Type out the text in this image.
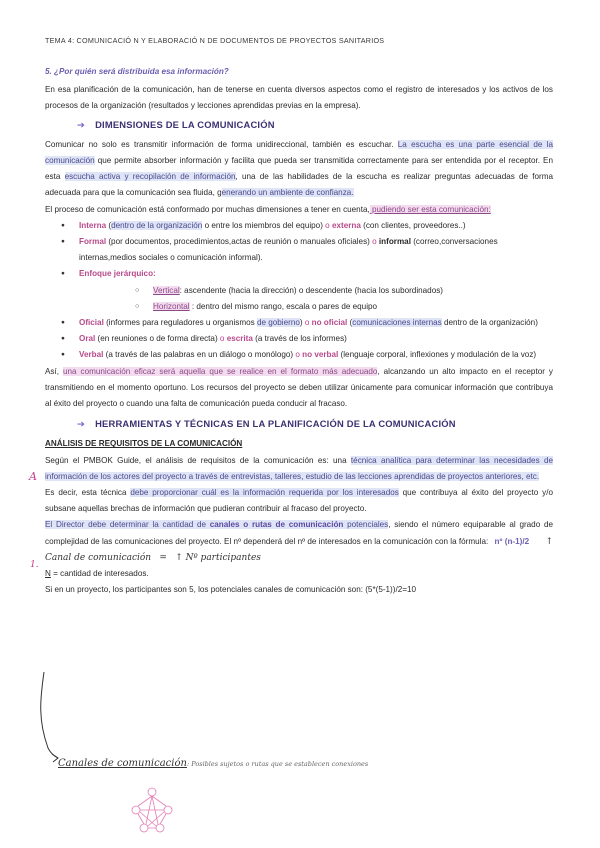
TEMA 4: COMUNICACIÓ N Y ELABORACIÓ N DE DOCUMENTOS DE PROYECTOS SANITARIOS

5. ¿Por quién será distribuida esa información?

En esa planificación de la comunicación, han de tenerse en cuenta diversos aspectos como el registro de interesados y los activos de los procesos de la organización (resultados y lecciones aprendidas previas en la empresa).

➔ DIMENSIONES DE LA COMUNICACIÓN

Comunicar no solo es transmitir información de forma unidireccional, también es escuchar. La escucha es una parte esencial de la comunicación que permite absorber información y facilita que pueda ser transmitida correctamente para ser entendida por el receptor. En esta escucha activa y recopilación de información, una de las habilidades de la escucha es realizar preguntas adecuadas de forma adecuada para que la comunicación sea fluida, generando un ambiente de confianza.

El proceso de comunicación está conformado por muchas dimensiones a tener en cuenta, pudiendo ser esta comunicación:

● Interna (dentro de la organización o entre los miembros del equipo) o externa (con clientes, proveedores..)
● Formal (por documentos, procedimientos,actas de reunión o manuales oficiales) o informal (correo,conversaciones internas,medios sociales o comunicación informal).
● Enfoque jerárquico:
○ Vertical: ascendente (hacia la dirección) o descendente (hacia los subordinados)
○ Horizontal : dentro del mismo rango, escala o pares de equipo
● Oficial (informes para reguladores u organismos de gobierno) o no oficial (comunicaciones internas dentro de la organización)
● Oral (en reuniones o de forma directa) o escrita (a través de los informes)
● Verbal (a través de las palabras en un diálogo o monólogo) o no verbal (lenguaje corporal, inflexiones y modulación de la voz)

Así, una comunicación eficaz será aquella que se realice en el formato más adecuado, alcanzando un alto impacto en el receptor y transmitiendo en el momento oportuno. Los recursos del proyecto se deben utilizar únicamente para comunicar información que contribuya al éxito del proyecto o cuando una falta de comunicación pueda conducir al fracaso.

➔ HERRAMIENTAS Y TÉCNICAS EN LA PLANIFICACIÓN DE LA COMUNICACIÓN

ANÁLISIS DE REQUISITOS DE LA COMUNICACIÓN

Según el PMBOK Guide, el análisis de requisitos de la comunicación es: una técnica analítica para determinar las necesidades de información de los actores del proyecto a través de entrevistas, talleres, estudio de las lecciones aprendidas de proyectos anteriores, etc.

Es decir, esta técnica debe proporcionar cuál es la información requerida por los interesados que contribuya al éxito del proyecto y/o subsane aquellas brechas de información que pudieran contribuir al fracaso del proyecto.

El Director debe determinar la cantidad de canales o rutas de comunicación potenciales, siendo el número equiparable al grado de complejidad de las comunicaciones del proyecto. El nº dependerá del nº de interesados en la comunicación con la fórmula: nº (n-1)/2 ↑ Canal de comunicación = ↑ Nº participantes

N = cantidad de interesados.

Si en un proyecto, los participantes son 5, los potenciales canales de comunicación son: (5*(5-1))/2=10

A
1.
Canales de comunicación: Posibles sujetos o rutas que se establecen conexiones
